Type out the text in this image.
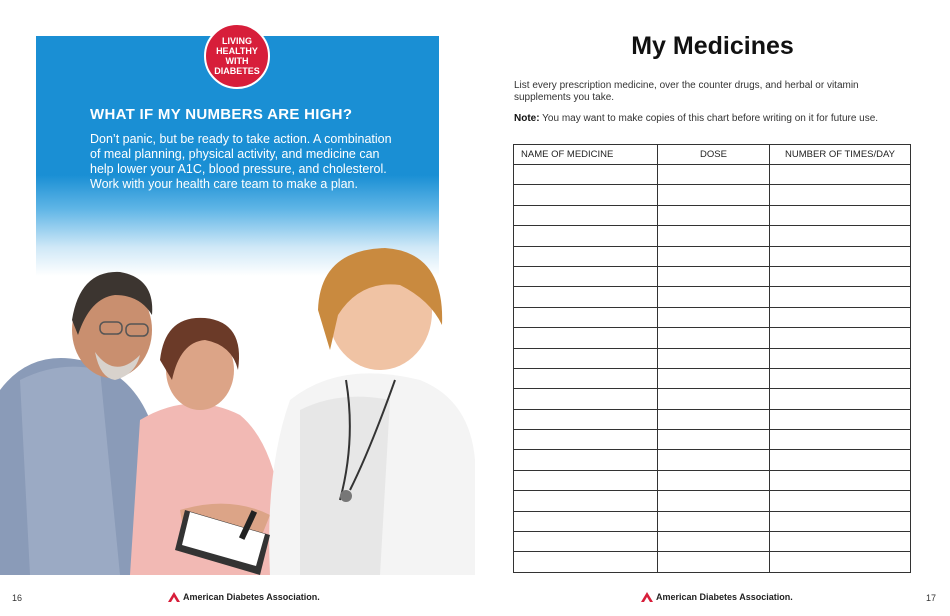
LIVING
HEALTHY
WITH
DIABETES
WHAT IF MY NUMBERS ARE HIGH?
Don’t panic, but be ready to take action. A combination of meal planning, physical activity, and medicine can help lower your A1C, blood pressure, and cholesterol. Work with your health care team to make a plan.
16	American Diabetes Association.
My Medicines
List every prescription medicine, over the counter drugs, and herbal or vitamin supplements you take.
Note: You may want to make copies of this chart before writing on it for future use.
NAME OF MEDICINE	DOSE	NUMBER OF TIMES/DAY

American Diabetes Association.	17
